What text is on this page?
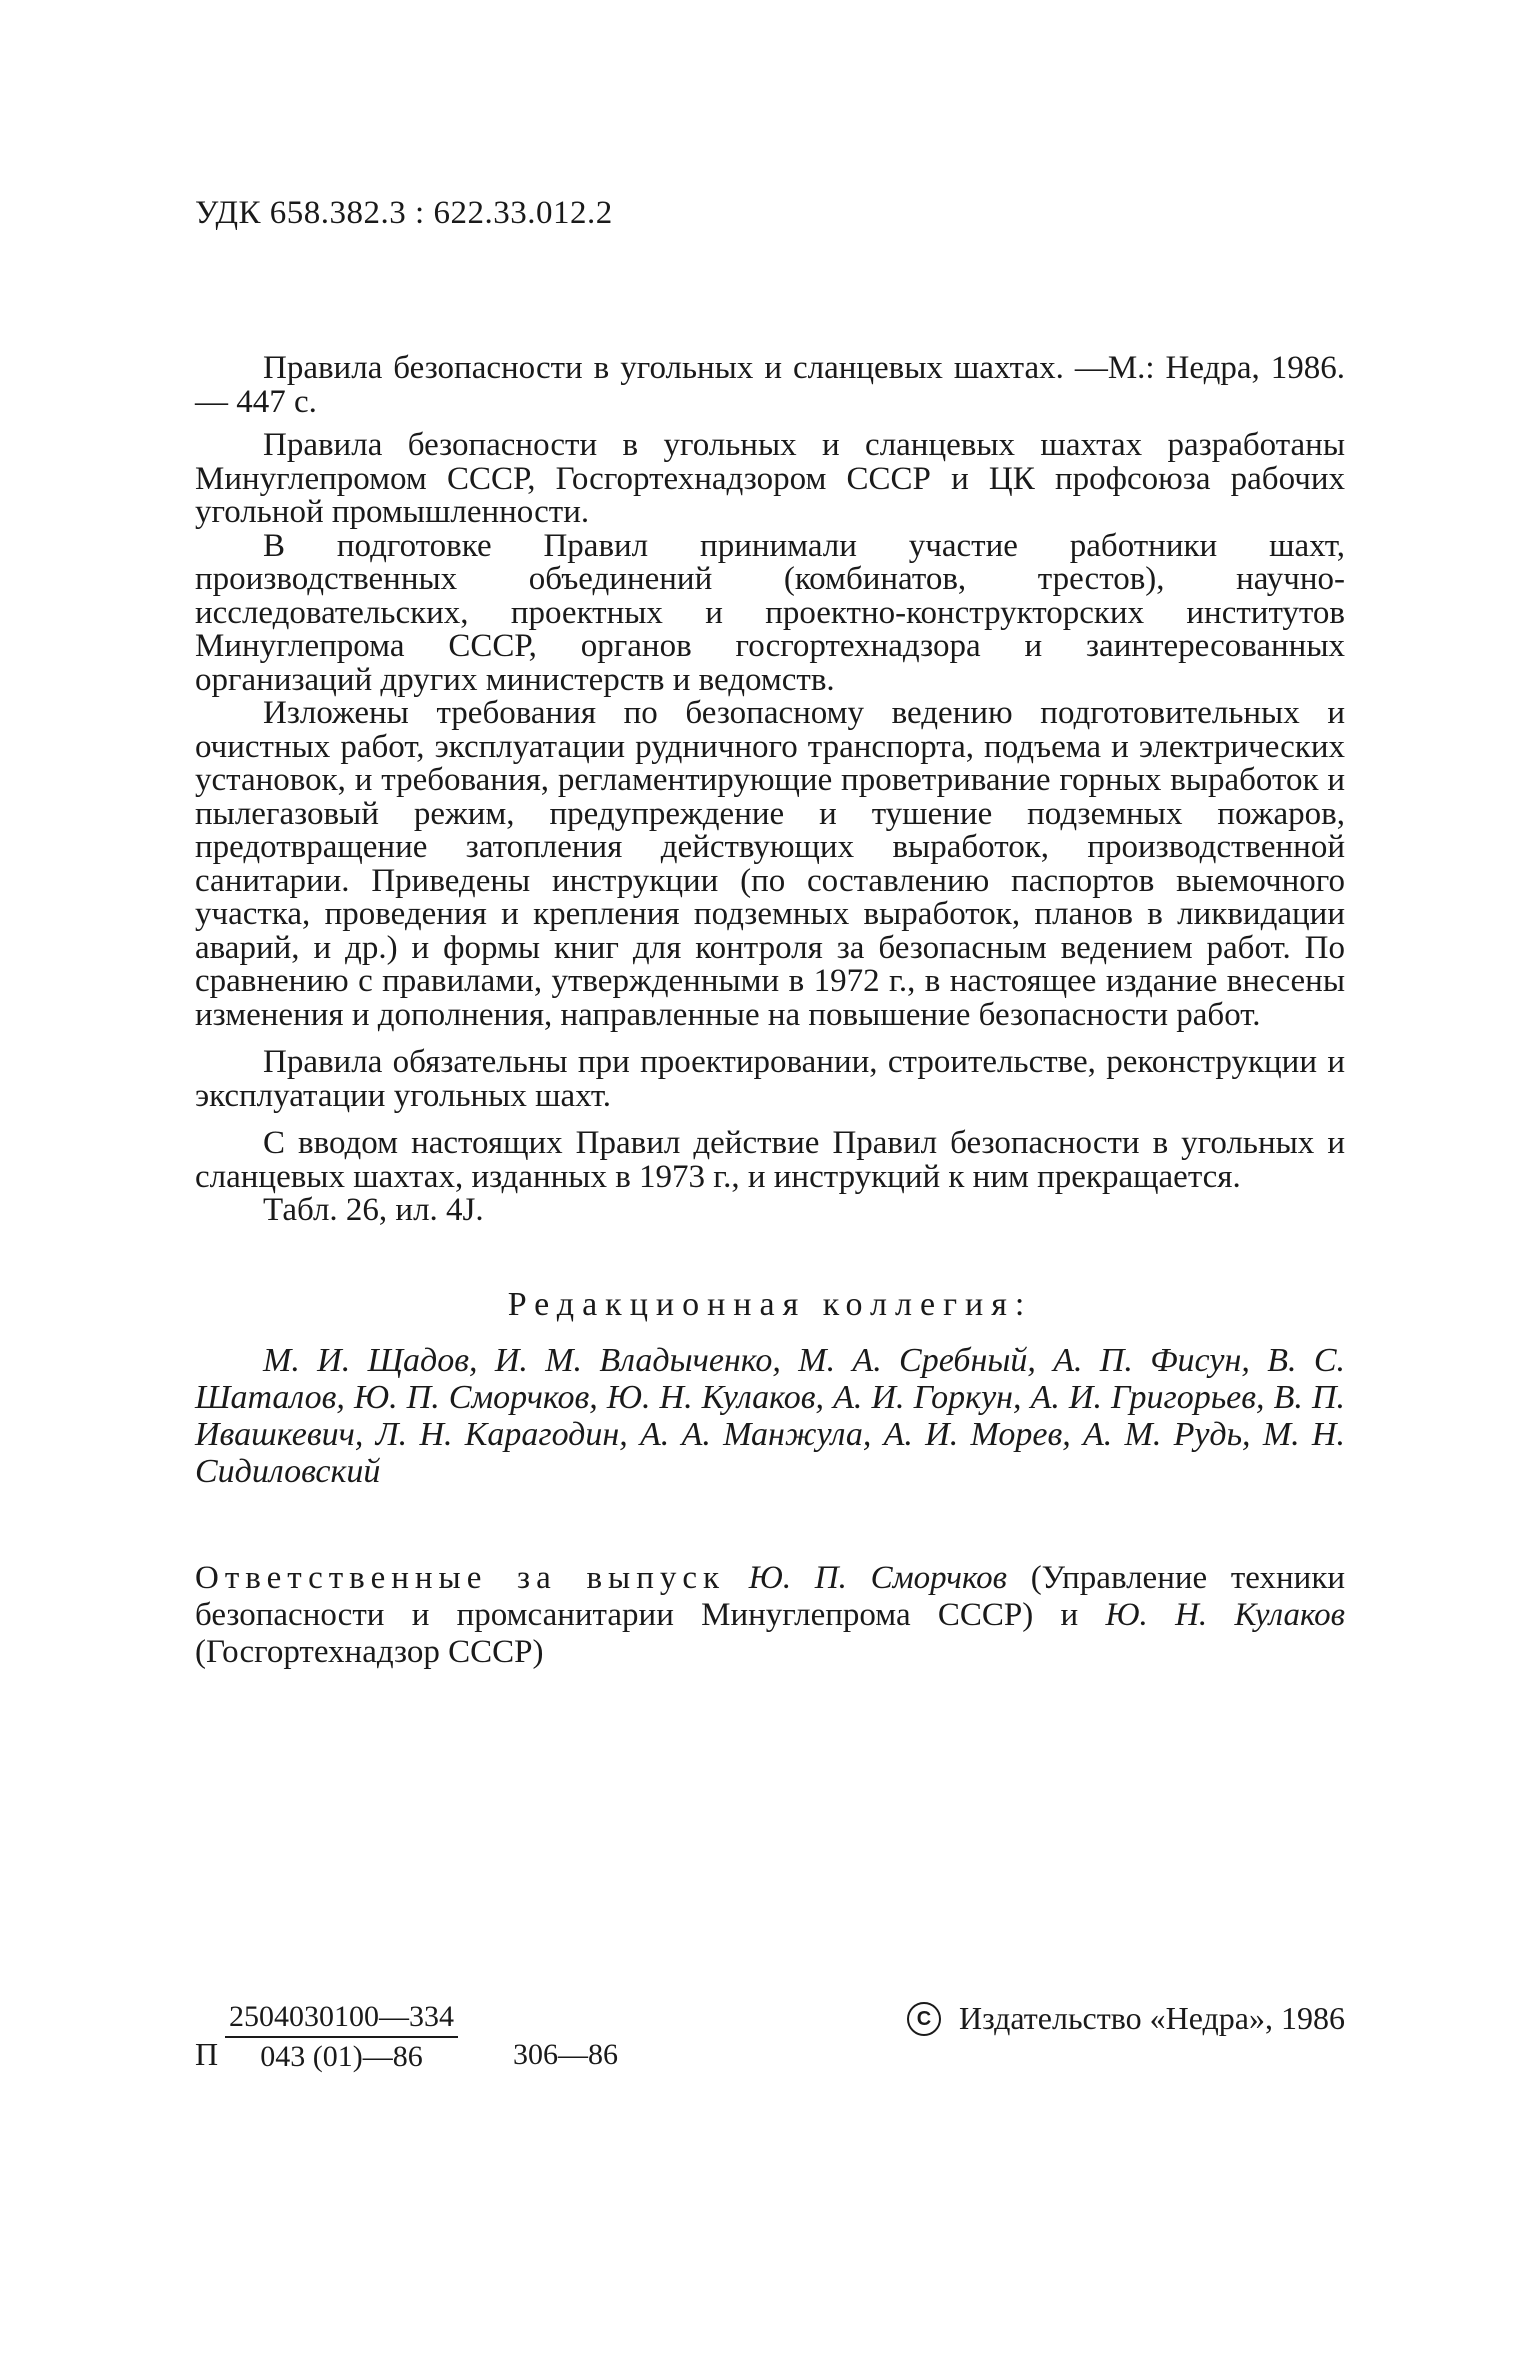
УДК 658.382.3 : 622.33.012.2

Правила безопасности в угольных и сланцевых шахтах. —М.: Недра, 1986. — 447 с.

Правила безопасности в угольных и сланцевых шахтах разработаны Минуглепромом СССР, Госгортехнадзором СССР и ЦК профсоюза рабочих угольной промышленности.

В подготовке Правил принимали участие работники шахт, производственных объединений (комбинатов, трестов), научно-исследовательских, проектных и проектно-конструкторских институтов Минуглепрома СССР, органов госгортехнадзора и заинтересованных организаций других министерств и ведомств.

Изложены требования по безопасному ведению подготовительных и очистных работ, эксплуатации рудничного транспорта, подъема и электрических установок, и требования, регламентирующие проветривание горных выработок и пылегазовый режим, предупреждение и тушение подземных пожаров, предотвращение затопления действующих выработок, производственной санитарии. Приведены инструкции (по составлению паспортов выемочного участка, проведения и крепления подземных выработок, планов в ликвидации аварий, и др.) и формы книг для контроля за безопасным ведением работ. По сравнению с правилами, утвержденными в 1972 г., в настоящее издание внесены изменения и дополнения, направленные на повышение безопасности работ.

Правила обязательны при проектировании, строительстве, реконструкции и эксплуатации угольных шахт.

С вводом настоящих Правил действие Правил безопасности в угольных и сланцевых шахтах, изданных в 1973 г., и инструкций к ним прекращается.

Табл. 26, ил. 4Ј.

Редакционная коллегия:
М. И. Щадов, И. М. Владыченко, М. А. Сребный, А. П. Фисун, В. С. Шаталов, Ю. П. Сморчков, Ю. Н. Кулаков, А. И. Горкун, А. И. Григорьев, В. П. Ивашкевич, Л. Н. Карагодин, А. А. Манжула, А. И. Морев, А. М. Рудь, М. Н. Сидиловский
Ответственные за выпуск Ю. П. Сморчков (Управление техники безопасности и промсанитарии Минуглепрома СССР) и Ю. Н. Кулаков (Госгортехнадзор СССР)
П $\frac{2504030100—334}{043 (01)—86}$ 306—86
C Издательство «Недра», 1986
